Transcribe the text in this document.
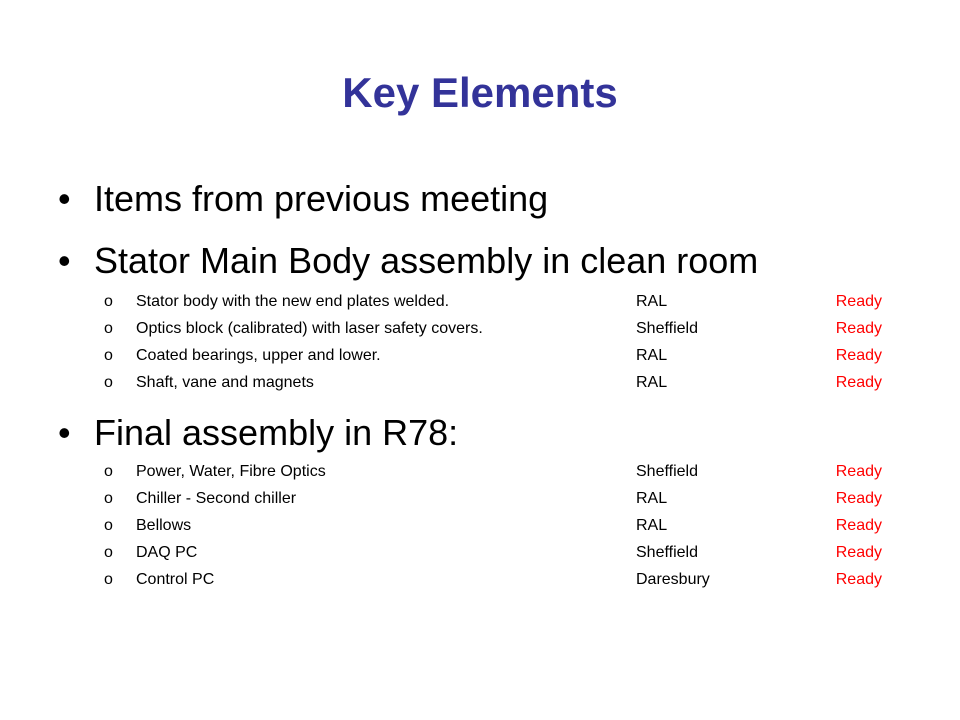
Key Elements
• Items from previous meeting
• Stator Main Body assembly in clean room
o Stator body with the new end plates welded.	RAL	Ready
o Optics block (calibrated) with laser safety covers.	Sheffield	Ready
o Coated bearings, upper and lower.	RAL	Ready
o Shaft, vane and magnets	RAL	Ready
• Final assembly in R78:
o Power, Water, Fibre Optics	Sheffield	Ready
o Chiller - Second chiller	RAL	Ready
o Bellows	RAL	Ready
o DAQ PC	Sheffield	Ready
o Control PC	Daresbury	Ready
